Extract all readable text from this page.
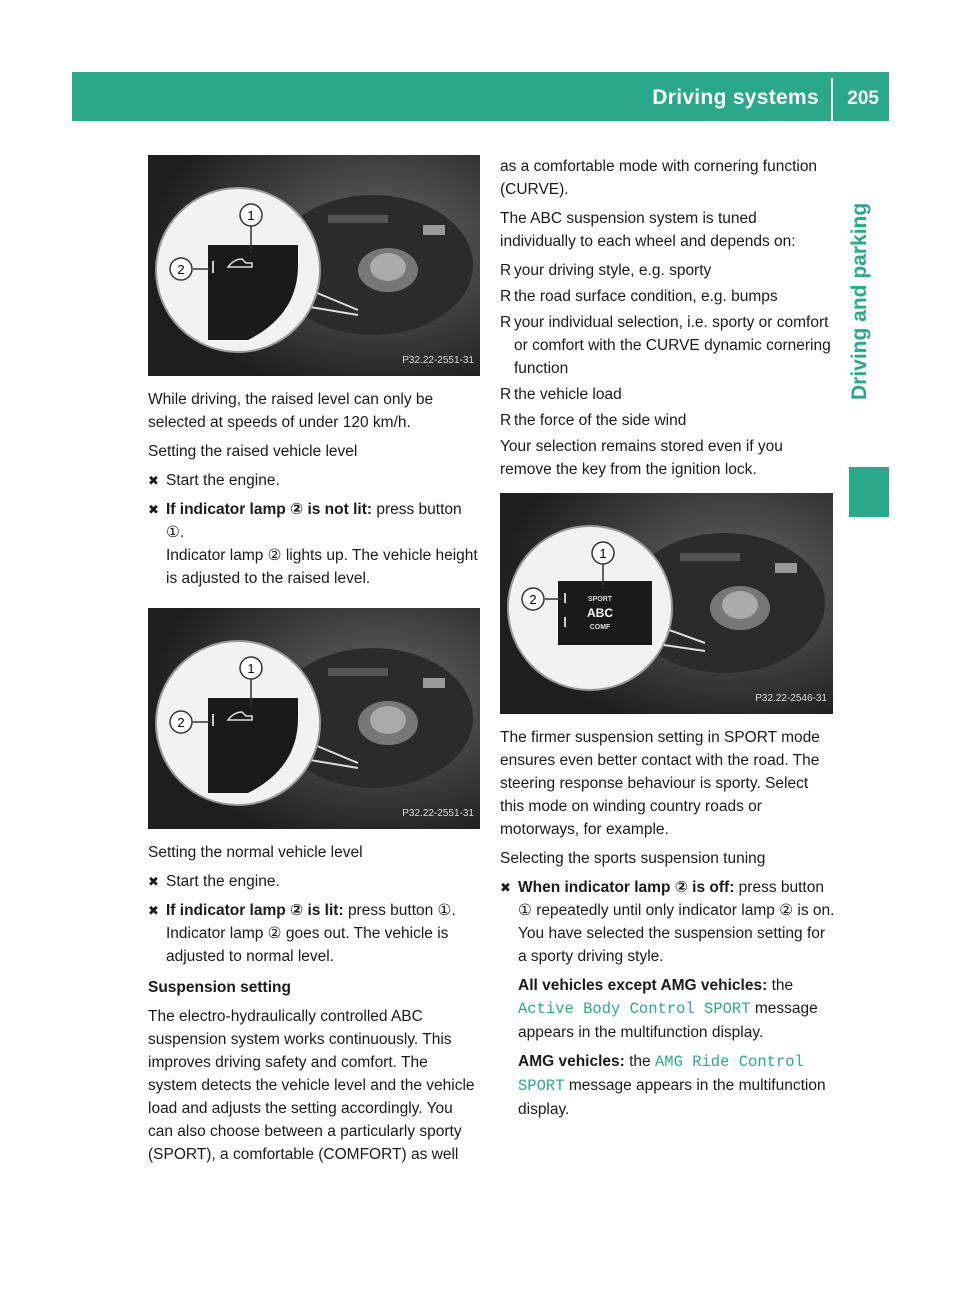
Driving systems 205
Driving and parking
1
2
P32.22-2551-31

While driving, the raised level can only be selected at speeds of under 120 km/h.

Setting the raised vehicle level

✖ Start the engine.
✖ If indicator lamp ② is not lit: press button ①.
Indicator lamp ② lights up. The vehicle height is adjusted to the raised level.
1
2
P32.22-2551-31

Setting the normal vehicle level

✖ Start the engine.
✖ If indicator lamp ② is lit: press button ①.
Indicator lamp ② goes out. The vehicle is adjusted to normal level.

Suspension setting

The electro-hydraulically controlled ABC suspension system works continuously. This improves driving safety and comfort. The system detects the vehicle level and the vehicle load and adjusts the setting accordingly. You can also choose between a particularly sporty (SPORT), a comfortable (COMFORT) as well

as a comfortable mode with cornering function (CURVE).

The ABC suspension system is tuned individually to each wheel and depends on:

R your driving style, e.g. sporty
R the road surface condition, e.g. bumps
R your individual selection, i.e. sporty or comfort or comfort with the CURVE dynamic cornering function
R the vehicle load
R the force of the side wind

Your selection remains stored even if you remove the key from the ignition lock.

SPORT
ABC
COMF
1
2
P32.22-2546-31

The firmer suspension setting in SPORT mode ensures even better contact with the road. The steering response behaviour is sporty. Select this mode on winding country roads or motorways, for example.

Selecting the sports suspension tuning

✖ When indicator lamp ② is off: press button ① repeatedly until only indicator lamp ② is on.
You have selected the suspension setting for a sporty driving style.
All vehicles except AMG vehicles: the Active Body Control SPORT message appears in the multifunction display.
AMG vehicles: the AMG Ride Control SPORT message appears in the multifunction display.
